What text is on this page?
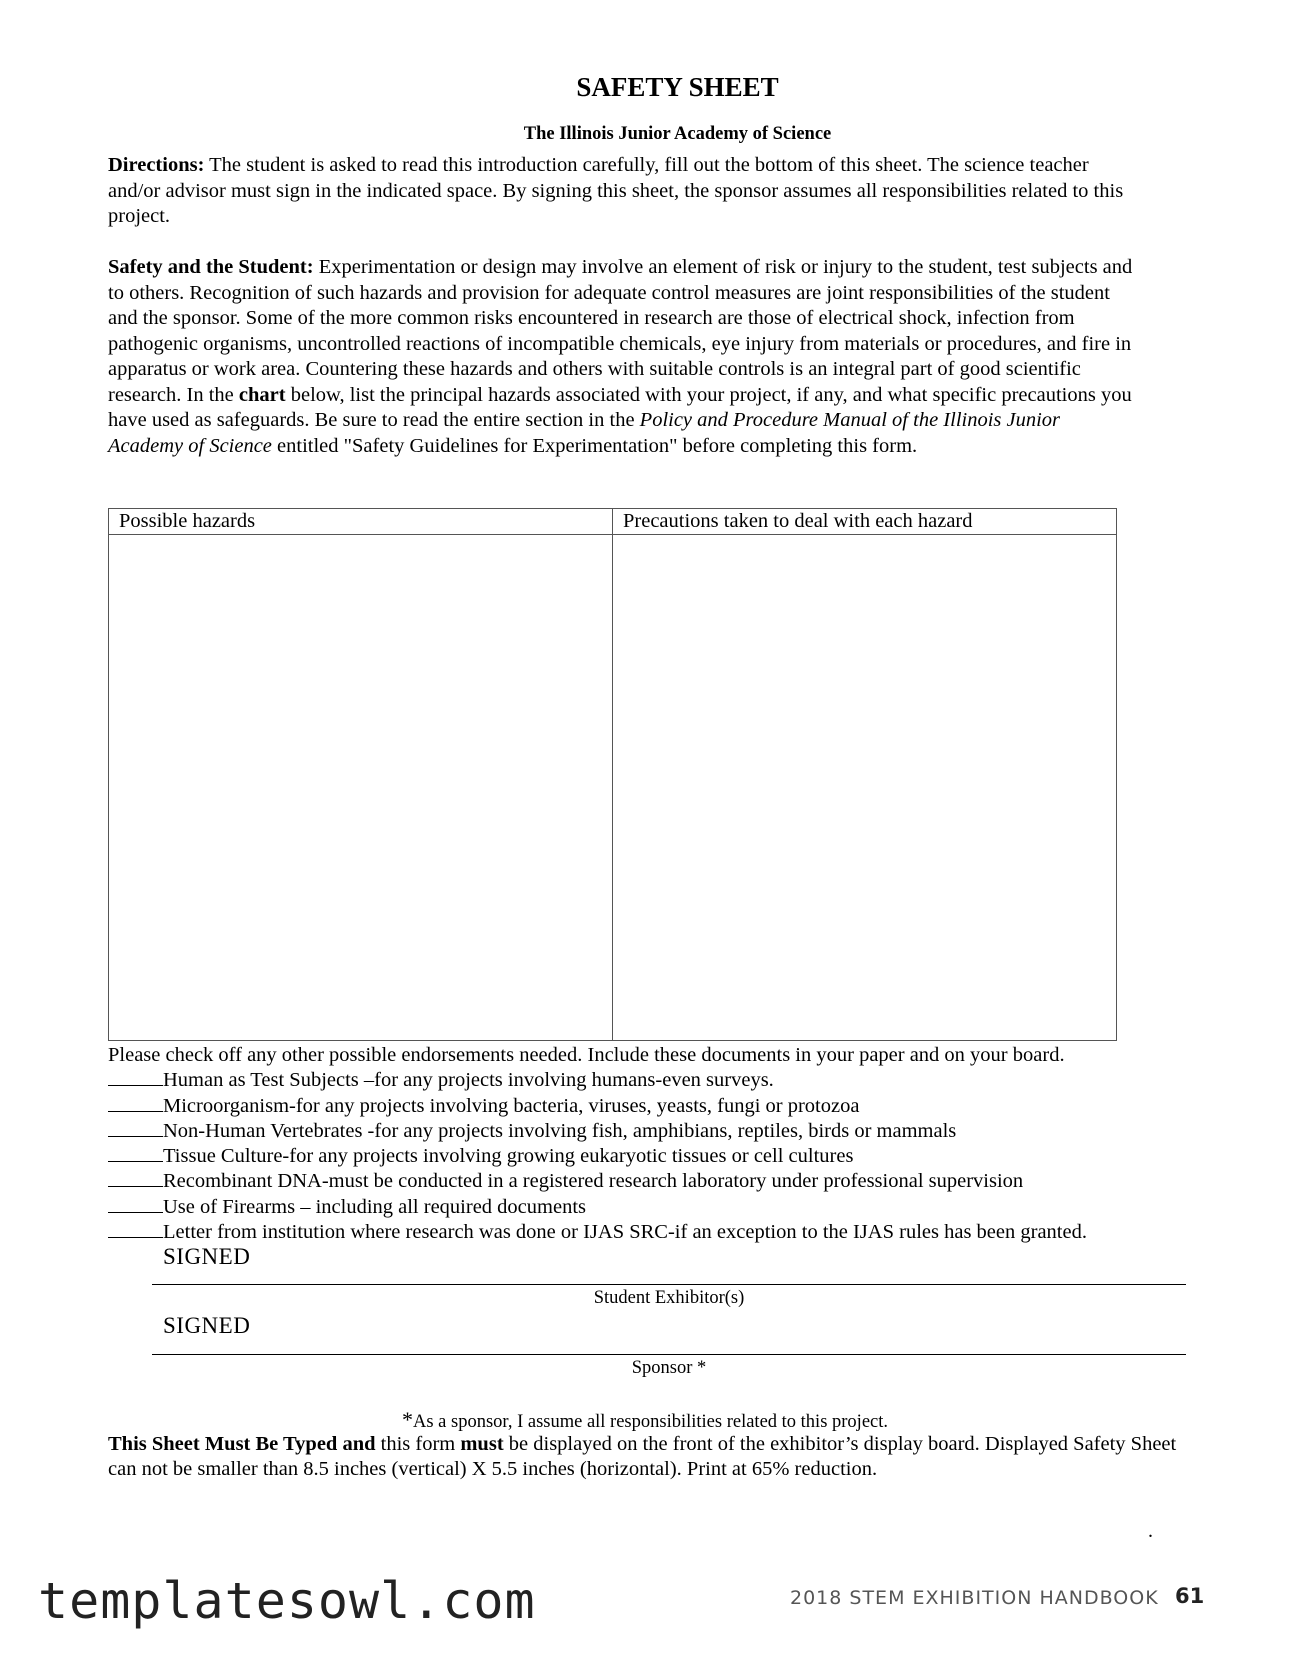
SAFETY SHEET
The Illinois Junior Academy of Science

Directions: The student is asked to read this introduction carefully, fill out the bottom of this sheet. The science teacher and/or advisor must sign in the indicated space. By signing this sheet, the sponsor assumes all responsibilities related to this project.

Safety and the Student: Experimentation or design may involve an element of risk or injury to the student, test subjects and to others. Recognition of such hazards and provision for adequate control measures are joint responsibilities of the student and the sponsor. Some of the more common risks encountered in research are those of electrical shock, infection from pathogenic organisms, uncontrolled reactions of incompatible chemicals, eye injury from materials or procedures, and fire in apparatus or work area. Countering these hazards and others with suitable controls is an integral part of good scientific research. In the chart below, list the principal hazards associated with your project, if any, and what specific precautions you have used as safeguards. Be sure to read the entire section in the Policy and Procedure Manual of the Illinois Junior Academy of Science entitled "Safety Guidelines for Experimentation" before completing this form.

Possible hazards	Precautions taken to deal with each hazard

Please check off any other possible endorsements needed. Include these documents in your paper and on your board.
Human as Test Subjects –for any projects involving humans-even surveys.
Microorganism-for any projects involving bacteria, viruses, yeasts, fungi or protozoa
Non-Human Vertebrates -for any projects involving fish, amphibians, reptiles, birds or mammals
Tissue Culture-for any projects involving growing eukaryotic tissues or cell cultures
Recombinant DNA-must be conducted in a registered research laboratory under professional supervision
Use of Firearms – including all required documents
Letter from institution where research was done or IJAS SRC-if an exception to the IJAS rules has been granted.
SIGNED
Student Exhibitor(s)
SIGNED
Sponsor *
*As a sponsor, I assume all responsibilities related to this project.
This Sheet Must Be Typed and this form must be displayed on the front of the exhibitor’s display board. Displayed Safety Sheet can not be smaller than 8.5 inches (vertical) X 5.5 inches (horizontal). Print at 65% reduction.
.
templatesowl.com	2018 STEM EXHIBITION HANDBOOK 61
